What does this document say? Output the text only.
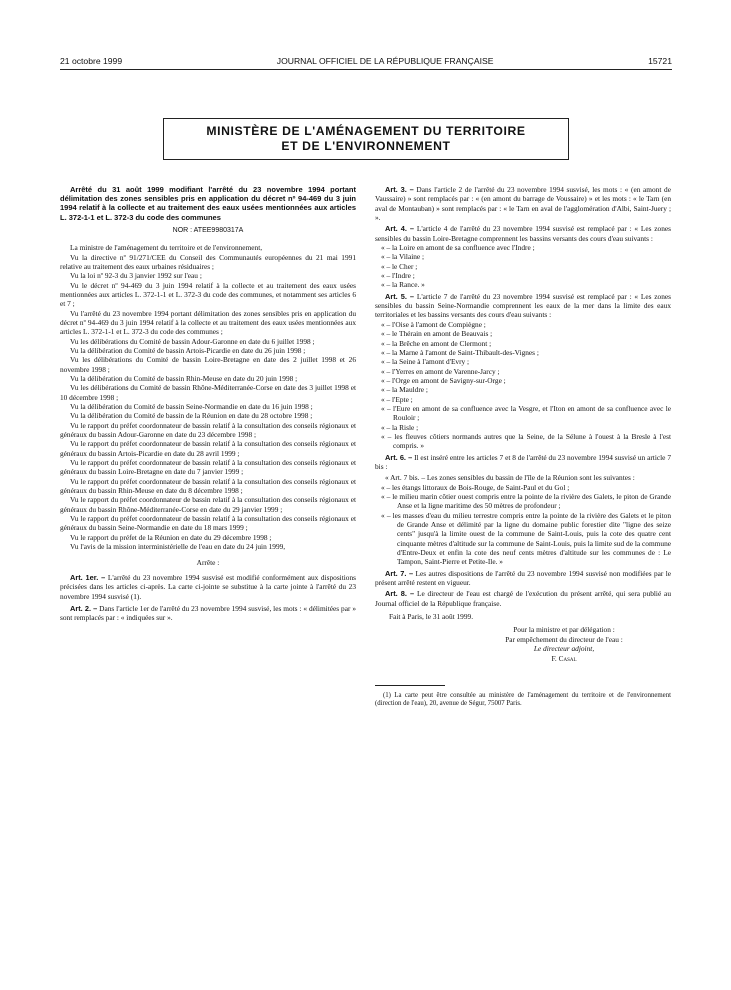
21 octobre 1999	JOURNAL OFFICIEL DE LA RÉPUBLIQUE FRANÇAISE	15721
MINISTÈRE DE L'AMÉNAGEMENT DU TERRITOIRE
ET DE L'ENVIRONNEMENT

Arrêté du 31 août 1999 modifiant l'arrêté du 23 novembre 1994 portant délimitation des zones sensibles pris en application du décret nº 94-469 du 3 juin 1994 relatif à la collecte et au traitement des eaux usées mentionnées aux articles L. 372-1-1 et L. 372-3 du code des communes

NOR : ATEE9980317A

La ministre de l'aménagement du territoire et de l'environnement,

Vu la directive nº 91/271/CEE du Conseil des Communautés européennes du 21 mai 1991 relative au traitement des eaux urbaines résiduaires ;

Vu la loi nº 92-3 du 3 janvier 1992 sur l'eau ;

Vu le décret nº 94-469 du 3 juin 1994 relatif à la collecte et au traitement des eaux usées mentionnées aux articles L. 372-1-1 et L. 372-3 du code des communes, et notamment ses articles 6 et 7 ;

Vu l'arrêté du 23 novembre 1994 portant délimitation des zones sensibles pris en application du décret nº 94-469 du 3 juin 1994 relatif à la collecte et au traitement des eaux usées mentionnées aux articles L. 372-1-1 et L. 372-3 du code des communes ;

Vu les délibérations du Comité de bassin Adour-Garonne en date du 6 juillet 1998 ;

Vu la délibération du Comité de bassin Artois-Picardie en date du 26 juin 1998 ;

Vu les délibérations du Comité de bassin Loire-Bretagne en date des 2 juillet 1998 et 26 novembre 1998 ;

Vu la délibération du Comité de bassin Rhin-Meuse en date du 20 juin 1998 ;

Vu les délibérations du Comité de bassin Rhône-Méditerranée-Corse en date des 3 juillet 1998 et 10 décembre 1998 ;

Vu la délibération du Comité de bassin Seine-Normandie en date du 16 juin 1998 ;

Vu la délibération du Comité de bassin de la Réunion en date du 28 octobre 1998 ;

Vu le rapport du préfet coordonnateur de bassin relatif à la consultation des conseils régionaux et généraux du bassin Adour-Garonne en date du 23 décembre 1998 ;

Vu le rapport du préfet coordonnateur de bassin relatif à la consultation des conseils régionaux et généraux du bassin Artois-Picardie en date du 28 avril 1999 ;

Vu le rapport du préfet coordonnateur de bassin relatif à la consultation des conseils régionaux et généraux du bassin Loire-Bretagne en date du 7 janvier 1999 ;

Vu le rapport du préfet coordonnateur de bassin relatif à la consultation des conseils régionaux et généraux du bassin Rhin-Meuse en date du 8 décembre 1998 ;

Vu le rapport du préfet coordonnateur de bassin relatif à la consultation des conseils régionaux et généraux du bassin Rhône-Méditerranée-Corse en date du 29 janvier 1999 ;

Vu le rapport du préfet coordonnateur de bassin relatif à la consultation des conseils régionaux et généraux du bassin Seine-Normandie en date du 18 mars 1999 ;

Vu le rapport du préfet de la Réunion en date du 29 décembre 1998 ;

Vu l'avis de la mission interministérielle de l'eau en date du 24 juin 1999,

Arrête :

Art. 1er. – L'arrêté du 23 novembre 1994 susvisé est modifié conformément aux dispositions précisées dans les articles ci-après. La carte ci-jointe se substitue à la carte jointe à l'arrêté du 23 novembre 1994 susvisé (1).

Art. 2. – Dans l'article 1er de l'arrêté du 23 novembre 1994 susvisé, les mots : « délimitées par » sont remplacés par : « indiquées sur ».

Art. 3. – Dans l'article 2 de l'arrêté du 23 novembre 1994 susvisé, les mots : « (en amont de Vaussaire) » sont remplacés par : « (en amont du barrage de Voussaire) » et les mots : « le Tarn (en aval de Montauban) » sont remplacés par : « le Tarn en aval de l'agglomération d'Albi, Saint-Juery ; ».

Art. 4. – L'article 4 de l'arrêté du 23 novembre 1994 susvisé est remplacé par : « Les zones sensibles du bassin Loire-Bretagne comprennent les bassins versants des cours d'eau suivants :

« – la Loire en amont de sa confluence avec l'Indre ;

« – la Vilaine ;

« – le Cher ;

« – l'Indre ;

« – la Rance. »

Art. 5. – L'article 7 de l'arrêté du 23 novembre 1994 susvisé est remplacé par : « Les zones sensibles du bassin Seine-Normandie comprennent les eaux de la mer dans la limite des eaux territoriales et les bassins versants des cours d'eau suivants :

« – l'Oise à l'amont de Compiègne ;

« – le Thérain en amont de Beauvais ;

« – la Brêche en amont de Clermont ;

« – la Marne à l'amont de Saint-Thibault-des-Vignes ;

« – la Seine à l'amont d'Evry ;

« – l'Yerres en amont de Varenne-Jarcy ;

« – l'Orge en amont de Savigny-sur-Orge ;

« – la Mauldre ;

« – l'Epte ;

« – l'Eure en amont de sa confluence avec la Vesgre, et l'Iton en amont de sa confluence avec le Rouloir ;

« – la Risle ;

« – les fleuves côtiers normands autres que la Seine, de la Sélune à l'ouest à la Bresle à l'est compris. »

Art. 6. – Il est inséré entre les articles 7 et 8 de l'arrêté du 23 novembre 1994 susvisé un article 7 bis :

« Art. 7 bis. – Les zones sensibles du bassin de l'île de la Réunion sont les suivantes :

« – les étangs littoraux de Bois-Rouge, de Saint-Paul et du Gol ;

« – le milieu marin côtier ouest compris entre la pointe de la rivière des Galets, le piton de Grande Anse et la ligne maritime des 50 mètres de profondeur ;

« – les masses d'eau du milieu terrestre compris entre la pointe de la rivière des Galets et le piton de Grande Anse et délimité par la ligne du domaine public forestier dite "ligne des seize cents" jusqu'à la limite ouest de la commune de Saint-Louis, puis la cote des quatre cent cinquante mètres d'altitude sur la commune de Saint-Louis, puis la limite sud de la commune d'Entre-Deux et enfin la cote des neuf cents mètres d'altitude sur les communes de : Le Tampon, Saint-Pierre et Petite-Ile. »

Art. 7. – Les autres dispositions de l'arrêté du 23 novembre 1994 susvisé non modifiées par le présent arrêté restent en vigueur.

Art. 8. – Le directeur de l'eau est chargé de l'exécution du présent arrêté, qui sera publié au Journal officiel de la République française.

Fait à Paris, le 31 août 1999.

Pour la ministre et par délégation :

Par empêchement du directeur de l'eau :

Le directeur adjoint,

F. Casal

(1) La carte peut être consultée au ministère de l'aménagement du territoire et de l'environnement (direction de l'eau), 20, avenue de Ségur, 75007 Paris.
